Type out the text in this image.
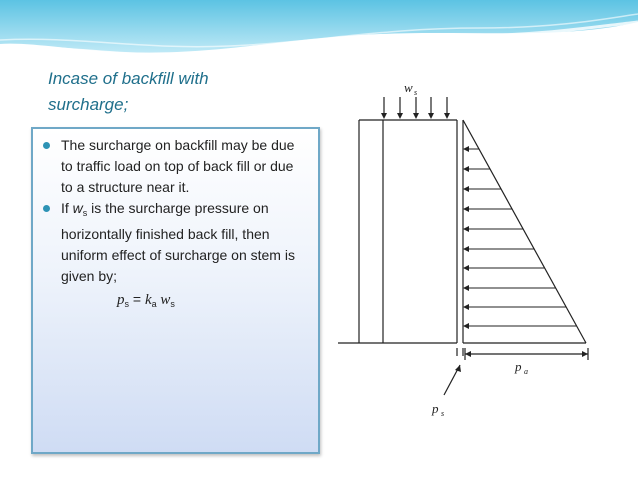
Incase of backfill with surcharge;
The surcharge on backfill may be due to traffic load on top of back fill or due to a structure near it.
If $w_s$ is the surcharge pressure on horizontally finished back fill, then uniform effect of surcharge on stem is given by;
$p_s = k_a$ $w_s$
w s
p a
p s
